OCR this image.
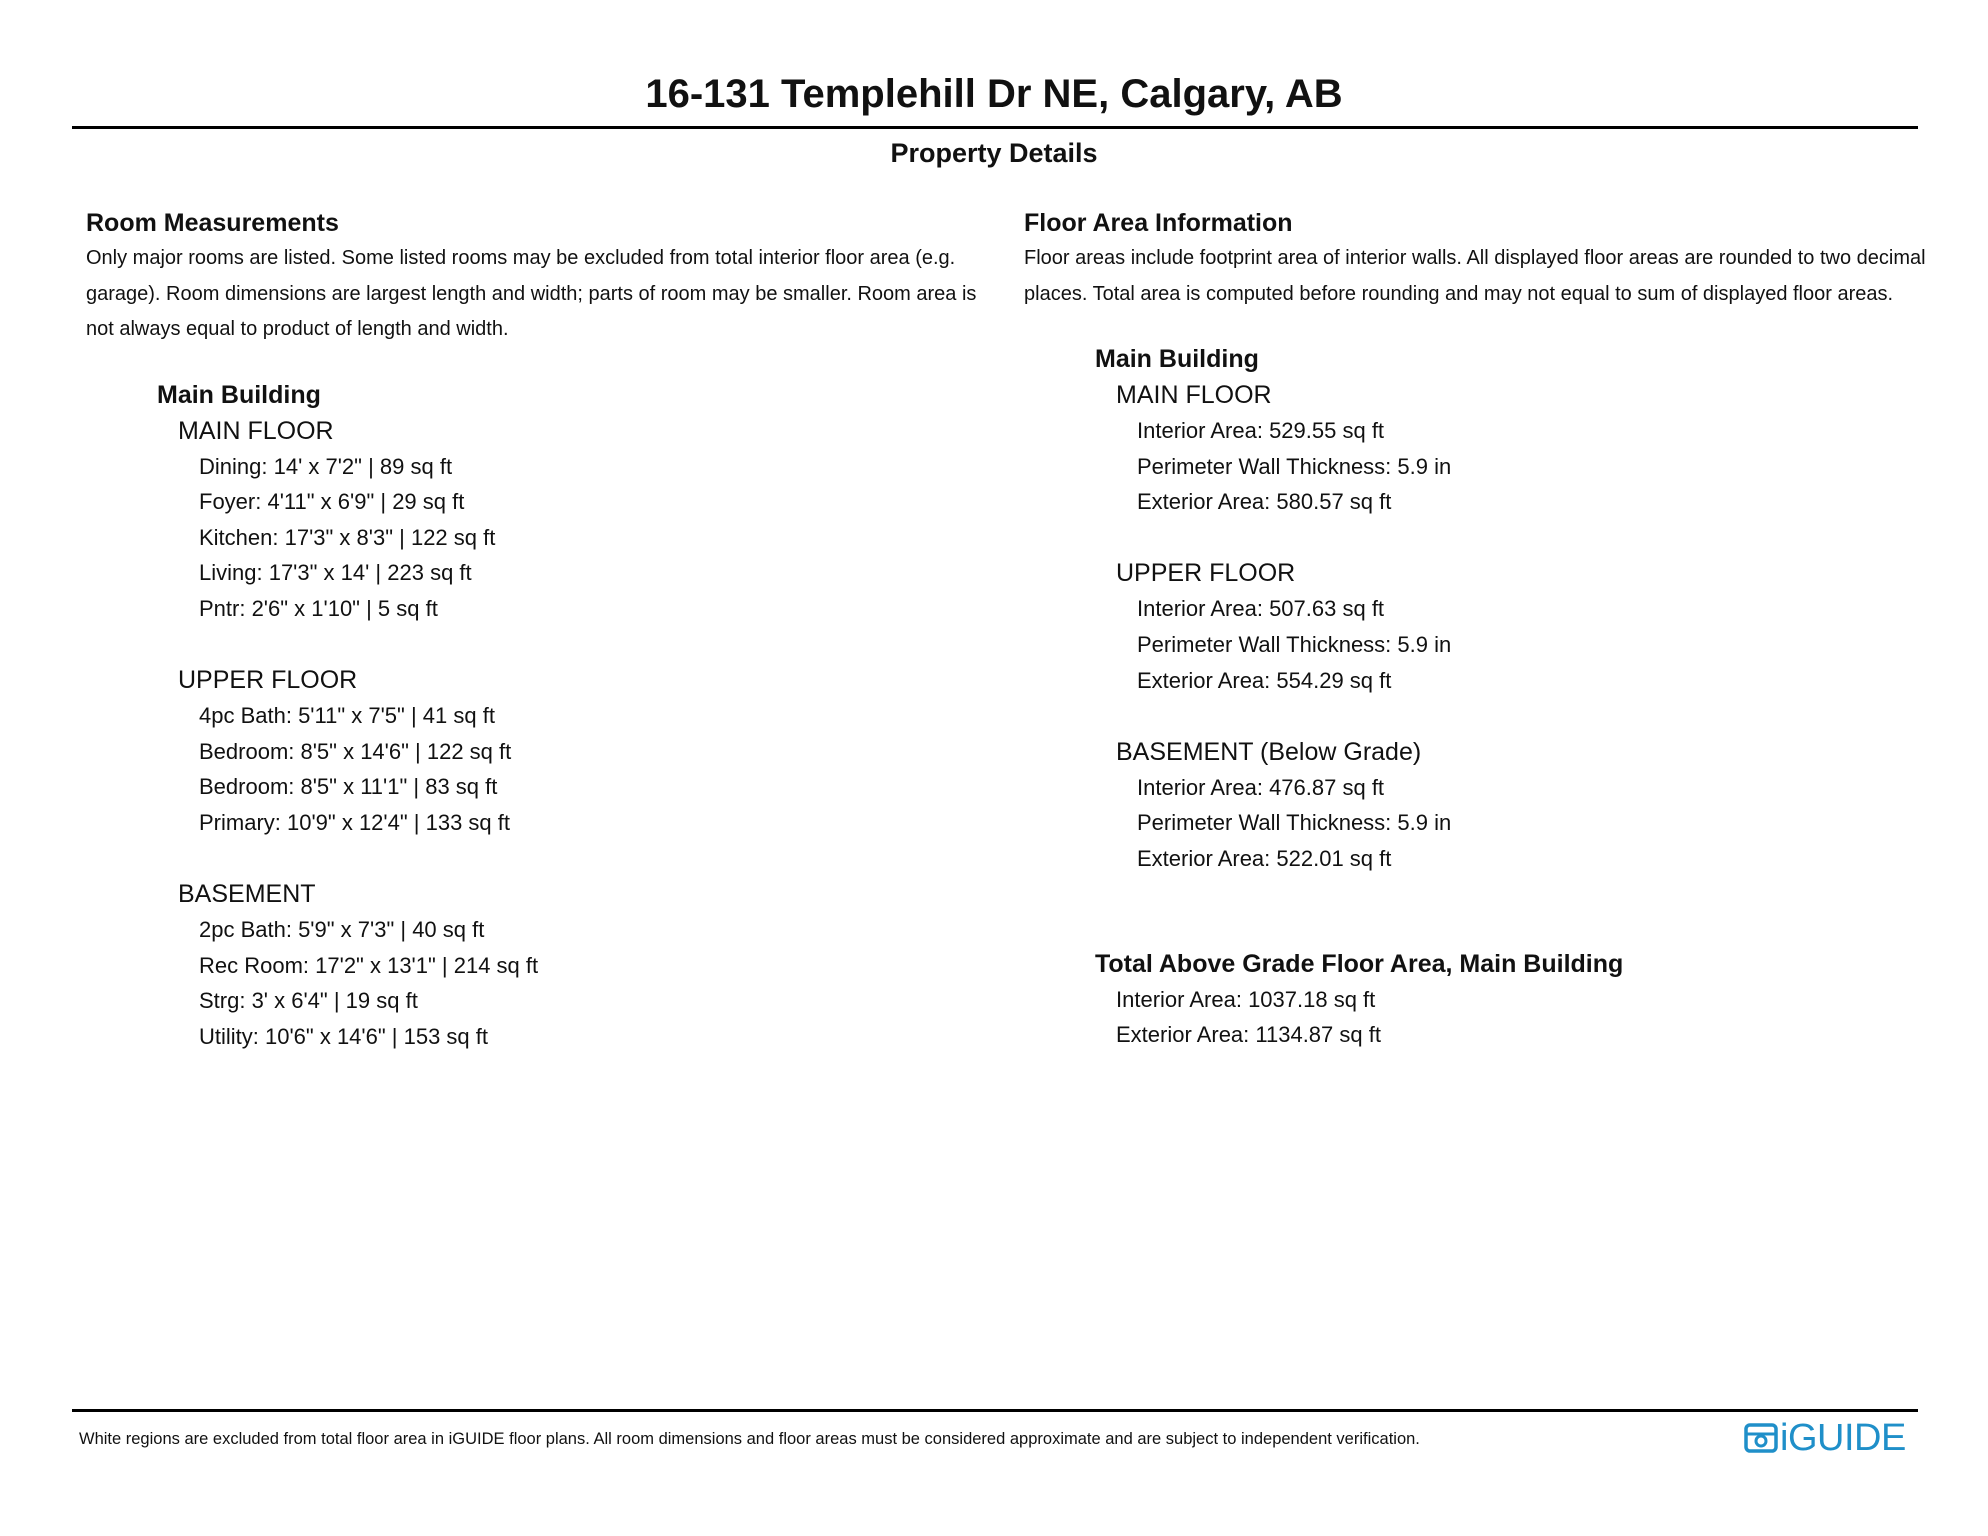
16-131 Templehill Dr NE, Calgary, AB
Property Details

Room Measurements

Only major rooms are listed. Some listed rooms may be excluded from total interior floor area (e.g. garage). Room dimensions are largest length and width; parts of room may be smaller. Room area is not always equal to product of length and width.

Main Building

MAIN FLOOR

Dining: 14' x 7'2" | 89 sq ft
Foyer: 4'11" x 6'9" | 29 sq ft
Kitchen: 17'3" x 8'3" | 122 sq ft
Living: 17'3" x 14' | 223 sq ft
Pntr: 2'6" x 1'10" | 5 sq ft

UPPER FLOOR

4pc Bath: 5'11" x 7'5" | 41 sq ft
Bedroom: 8'5" x 14'6" | 122 sq ft
Bedroom: 8'5" x 11'1" | 83 sq ft
Primary: 10'9" x 12'4" | 133 sq ft

BASEMENT

2pc Bath: 5'9" x 7'3" | 40 sq ft
Rec Room: 17'2" x 13'1" | 214 sq ft
Strg: 3' x 6'4" | 19 sq ft
Utility: 10'6" x 14'6" | 153 sq ft

Floor Area Information

Floor areas include footprint area of interior walls. All displayed floor areas are rounded to two decimal places. Total area is computed before rounding and may not equal to sum of displayed floor areas.

Main Building

MAIN FLOOR

Interior Area: 529.55 sq ft
Perimeter Wall Thickness: 5.9 in
Exterior Area: 580.57 sq ft

UPPER FLOOR

Interior Area: 507.63 sq ft
Perimeter Wall Thickness: 5.9 in
Exterior Area: 554.29 sq ft

BASEMENT (Below Grade)

Interior Area: 476.87 sq ft
Perimeter Wall Thickness: 5.9 in
Exterior Area: 522.01 sq ft

Total Above Grade Floor Area, Main Building

Interior Area: 1037.18 sq ft
Exterior Area: 1134.87 sq ft
White regions are excluded from total floor area in iGUIDE floor plans. All room dimensions and floor areas must be considered approximate and are subject to independent verification.	iGUIDE
